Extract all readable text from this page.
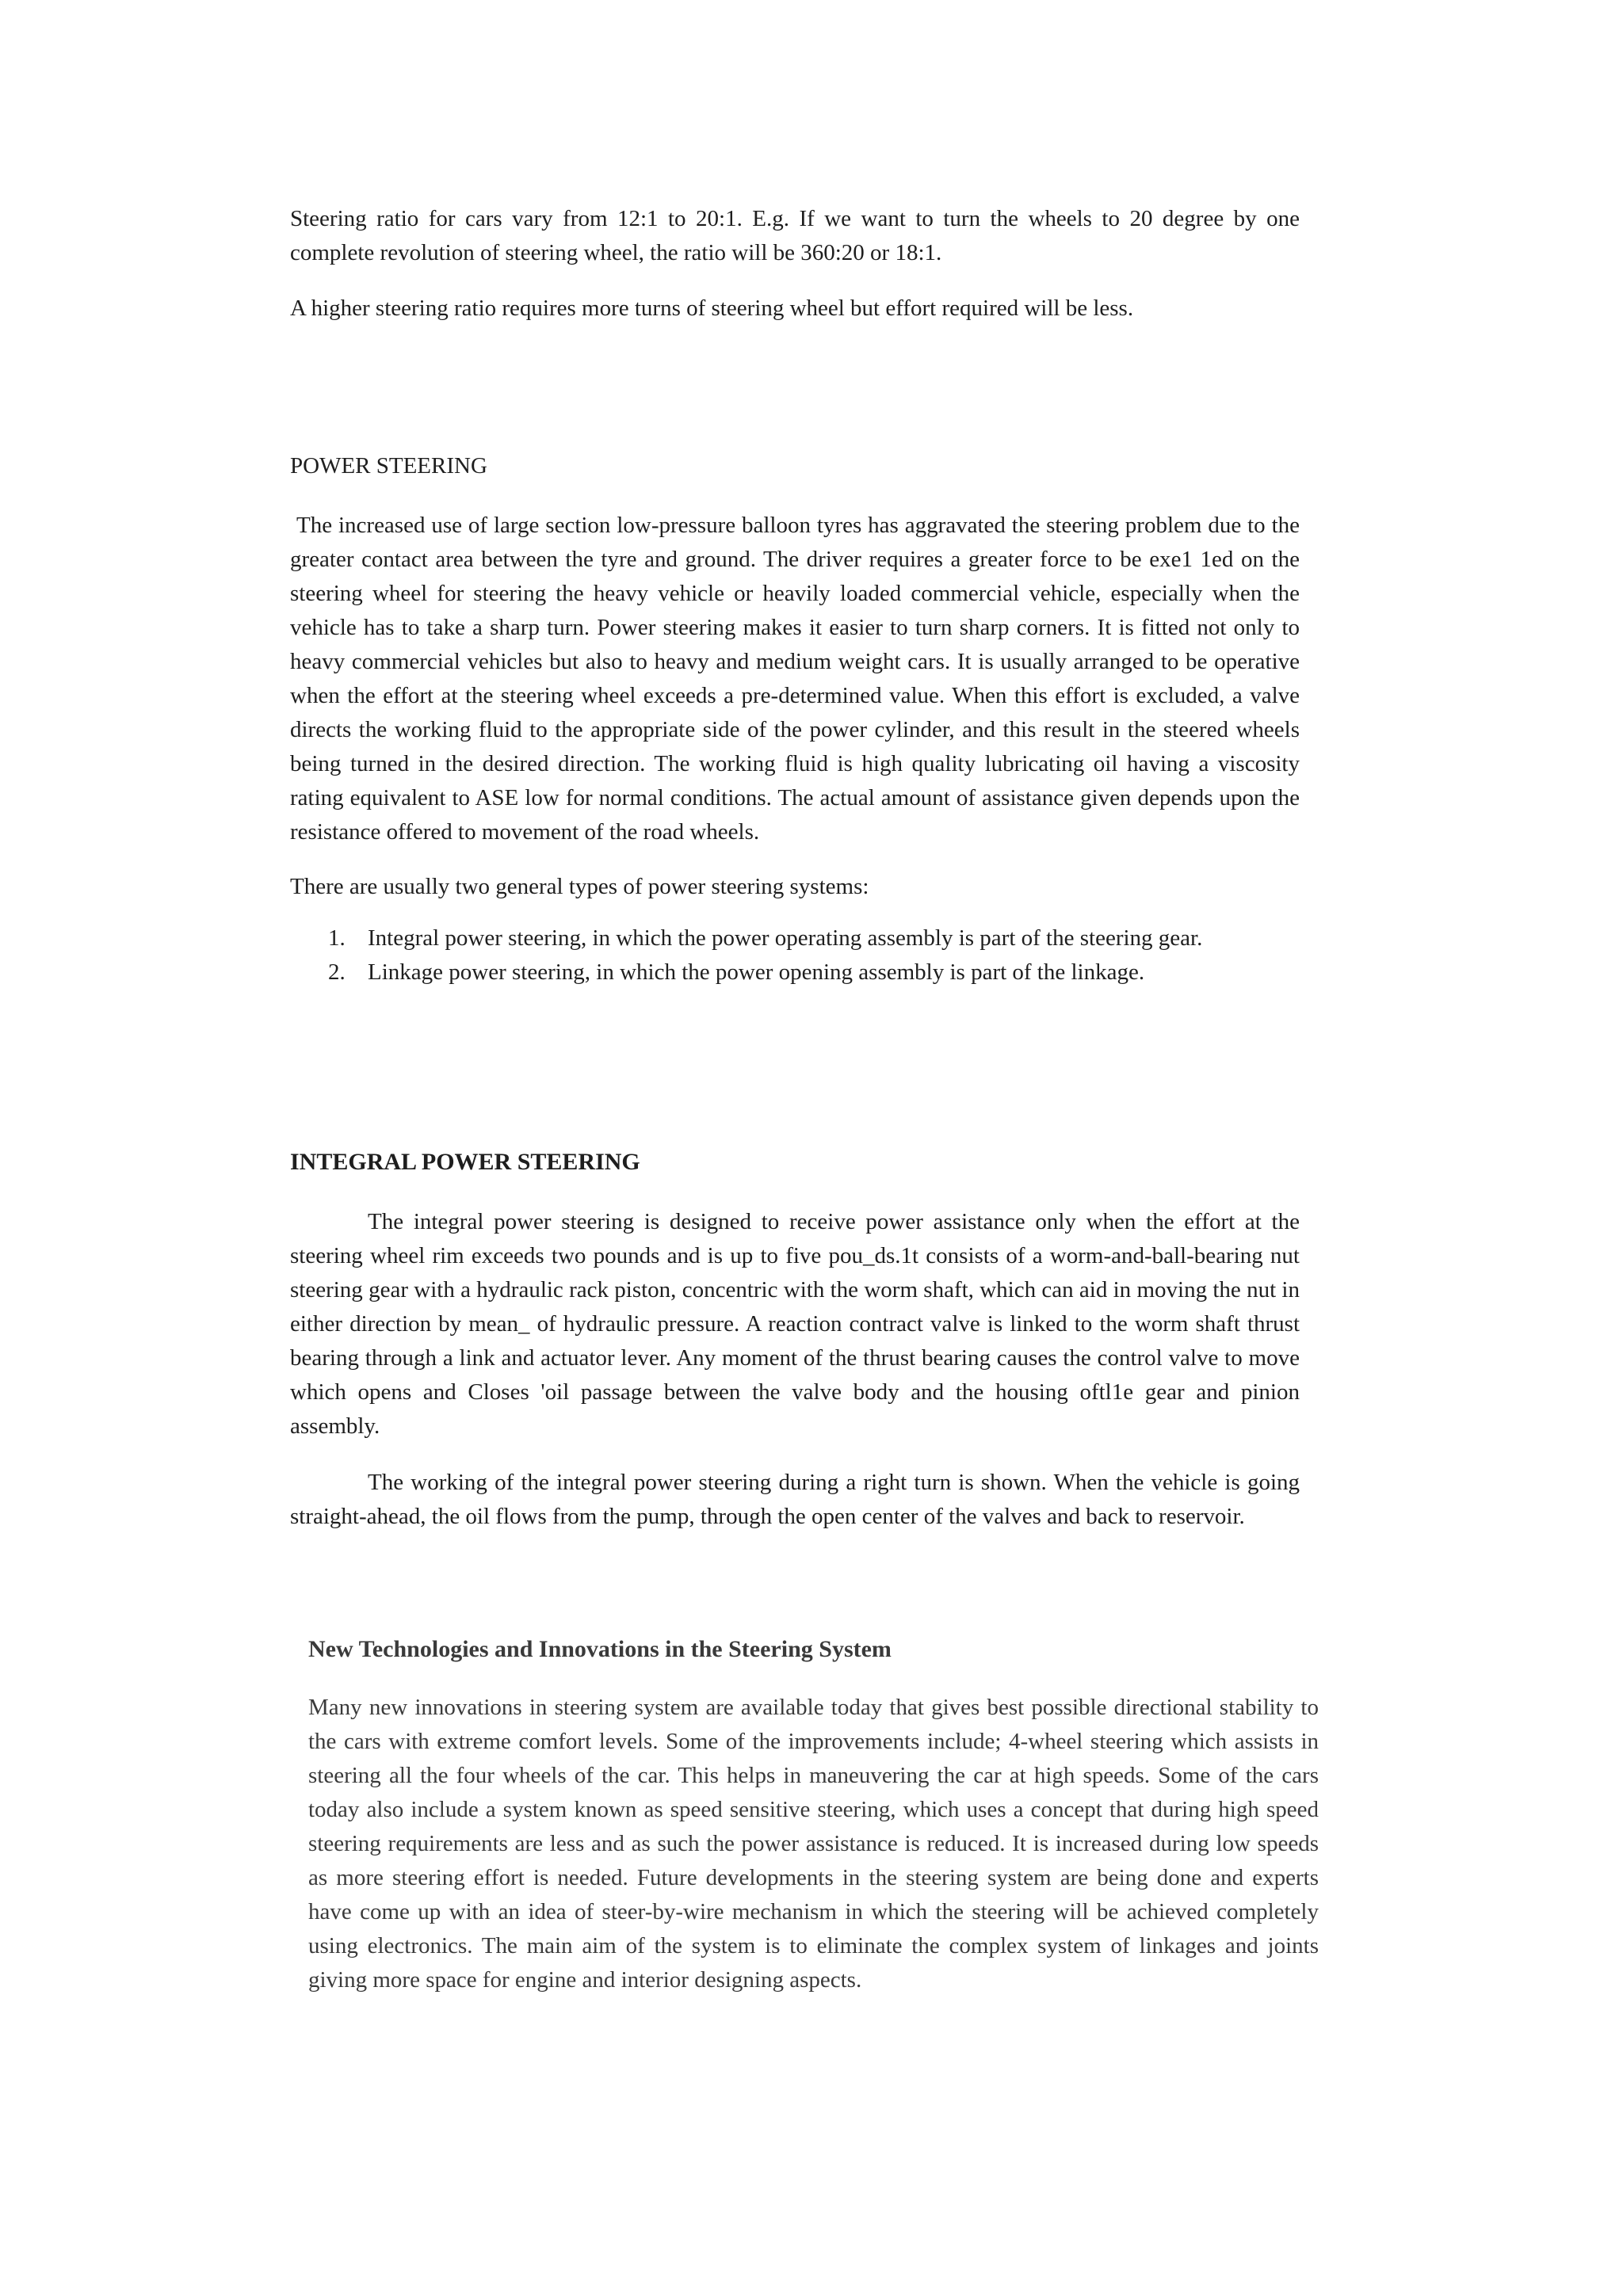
Steering ratio for cars vary from 12:1 to 20:1. E.g. If we want to turn the wheels to 20 degree by one complete revolution of steering wheel, the ratio will be 360:20 or 18:1.

A higher steering ratio requires more turns of steering wheel but effort required will be less.

POWER STEERING

The increased use of large section low-pressure balloon tyres has aggravated the steering problem due to the greater contact area between the tyre and ground. The driver requires a greater force to be exe1 1ed on the steering wheel for steering the heavy vehicle or heavily loaded commercial vehicle, especially when the vehicle has to take a sharp turn. Power steering makes it easier to turn sharp corners. It is fitted not only to heavy commercial vehicles but also to heavy and medium weight cars. It is usually arranged to be operative when the effort at the steering wheel exceeds a pre-determined value. When this effort is excluded, a valve directs the working fluid to the appropriate side of the power cylinder, and this result in the steered wheels being turned in the desired direction. The working fluid is high quality lubricating oil having a viscosity rating equivalent to ASE low for normal conditions. The actual amount of assistance given depends upon the resistance offered to movement of the road wheels.

There are usually two general types of power steering systems:

1. Integral power steering, in which the power operating assembly is part of the steering gear.
2. Linkage power steering, in which the power opening assembly is part of the linkage.
INTEGRAL POWER STEERING

The integral power steering is designed to receive power assistance only when the effort at the steering wheel rim exceeds two pounds and is up to five pou_ds.1t consists of a worm-and-ball-bearing nut steering gear with a hydraulic rack piston, concentric with the worm shaft, which can aid in moving the nut in either direction by mean_ of hydraulic pressure. A reaction contract valve is linked to the worm shaft thrust bearing through a link and actuator lever. Any moment of the thrust bearing causes the control valve to move which opens and Closes 'oil passage between the valve body and the housing oftl1e gear and pinion assembly.

The working of the integral power steering during a right turn is shown. When the vehicle is going straight-ahead, the oil flows from the pump, through the open center of the valves and back to reservoir.

New Technologies and Innovations in the Steering System

Many new innovations in steering system are available today that gives best possible directional stability to the cars with extreme comfort levels. Some of the improvements include; 4-wheel steering which assists in steering all the four wheels of the car. This helps in maneuvering the car at high speeds. Some of the cars today also include a system known as speed sensitive steering, which uses a concept that during high speed steering requirements are less and as such the power assistance is reduced. It is increased during low speeds as more steering effort is needed. Future developments in the steering system are being done and experts have come up with an idea of steer-by-wire mechanism in which the steering will be achieved completely using electronics. The main aim of the system is to eliminate the complex system of linkages and joints giving more space for engine and interior designing aspects.
